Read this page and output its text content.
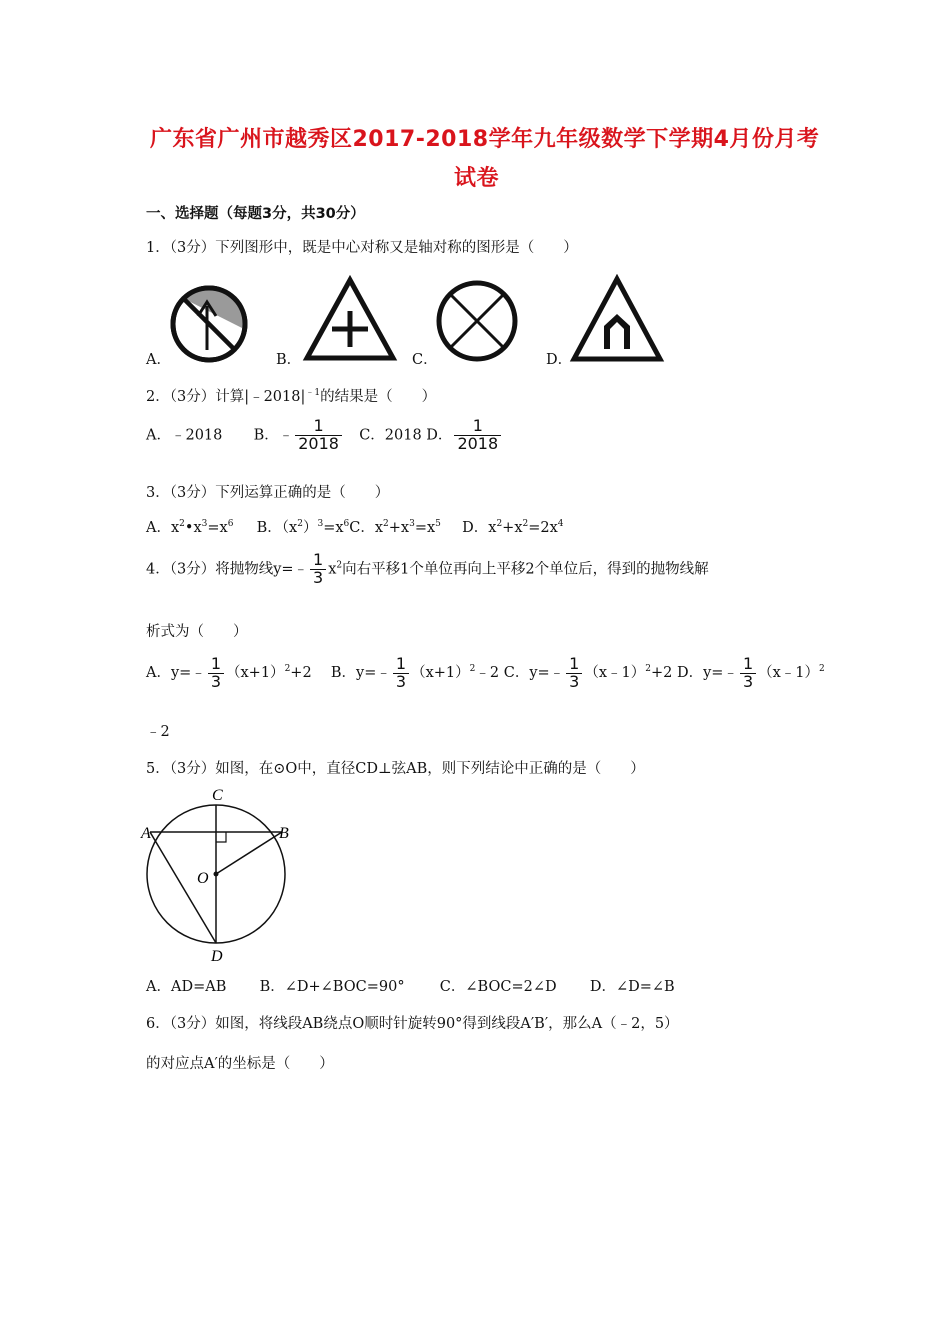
广东省广州市越秀区2017-2018学年九年级数学下学期4月份月考
试卷
一、选择题（每题3分，共30分）
1．（3分）下列图形中，既是中心对称又是轴对称的图形是（　　）
A．	B．	C．	D．
2．（3分）计算$|﹣2018|^{﹣1}$的结果是（　　）
A．﹣2018 B．﹣ $\frac{1}{2018}$ C．2018 D． $\frac{1}{2018}$
3．（3分）下列运算正确的是（　　）
A．$x^2•x^3=x^6$ B．$(x^2)^3=x^6C$．$x^2+x^3=x^5$ D．$x^2+x^2=2x^4$
4．（3分）将抛物线y=﹣ $\frac{1}{3} x^2$向右平移1个单位再向上平移2个单位后，得到的抛物线解
析式为（　　）
A．y=﹣ $\frac{1}{3} (x+1)^2+2$ B．y=﹣ $\frac{1}{3}$ $(x+1)^2﹣2$ C．y=﹣ $\frac{1}{3}$ （x﹣1）$^2$+2 D．y=﹣ $\frac{1}{3}$ （x﹣1）$^2$
﹣2
5．（3分）如图，在⊙O中，直径CD⊥弦AB，则下列结论中正确的是（　　）
C
A	B
O
D
A．AD=AB B．∠D+∠BOC=90° C．∠BOC=2∠D D．∠D=∠B
6．（3分）如图，将线段AB绕点O顺时针旋转90°得到线段A′B′，那么A（﹣2，5）
的对应点A′的坐标是（　　）
